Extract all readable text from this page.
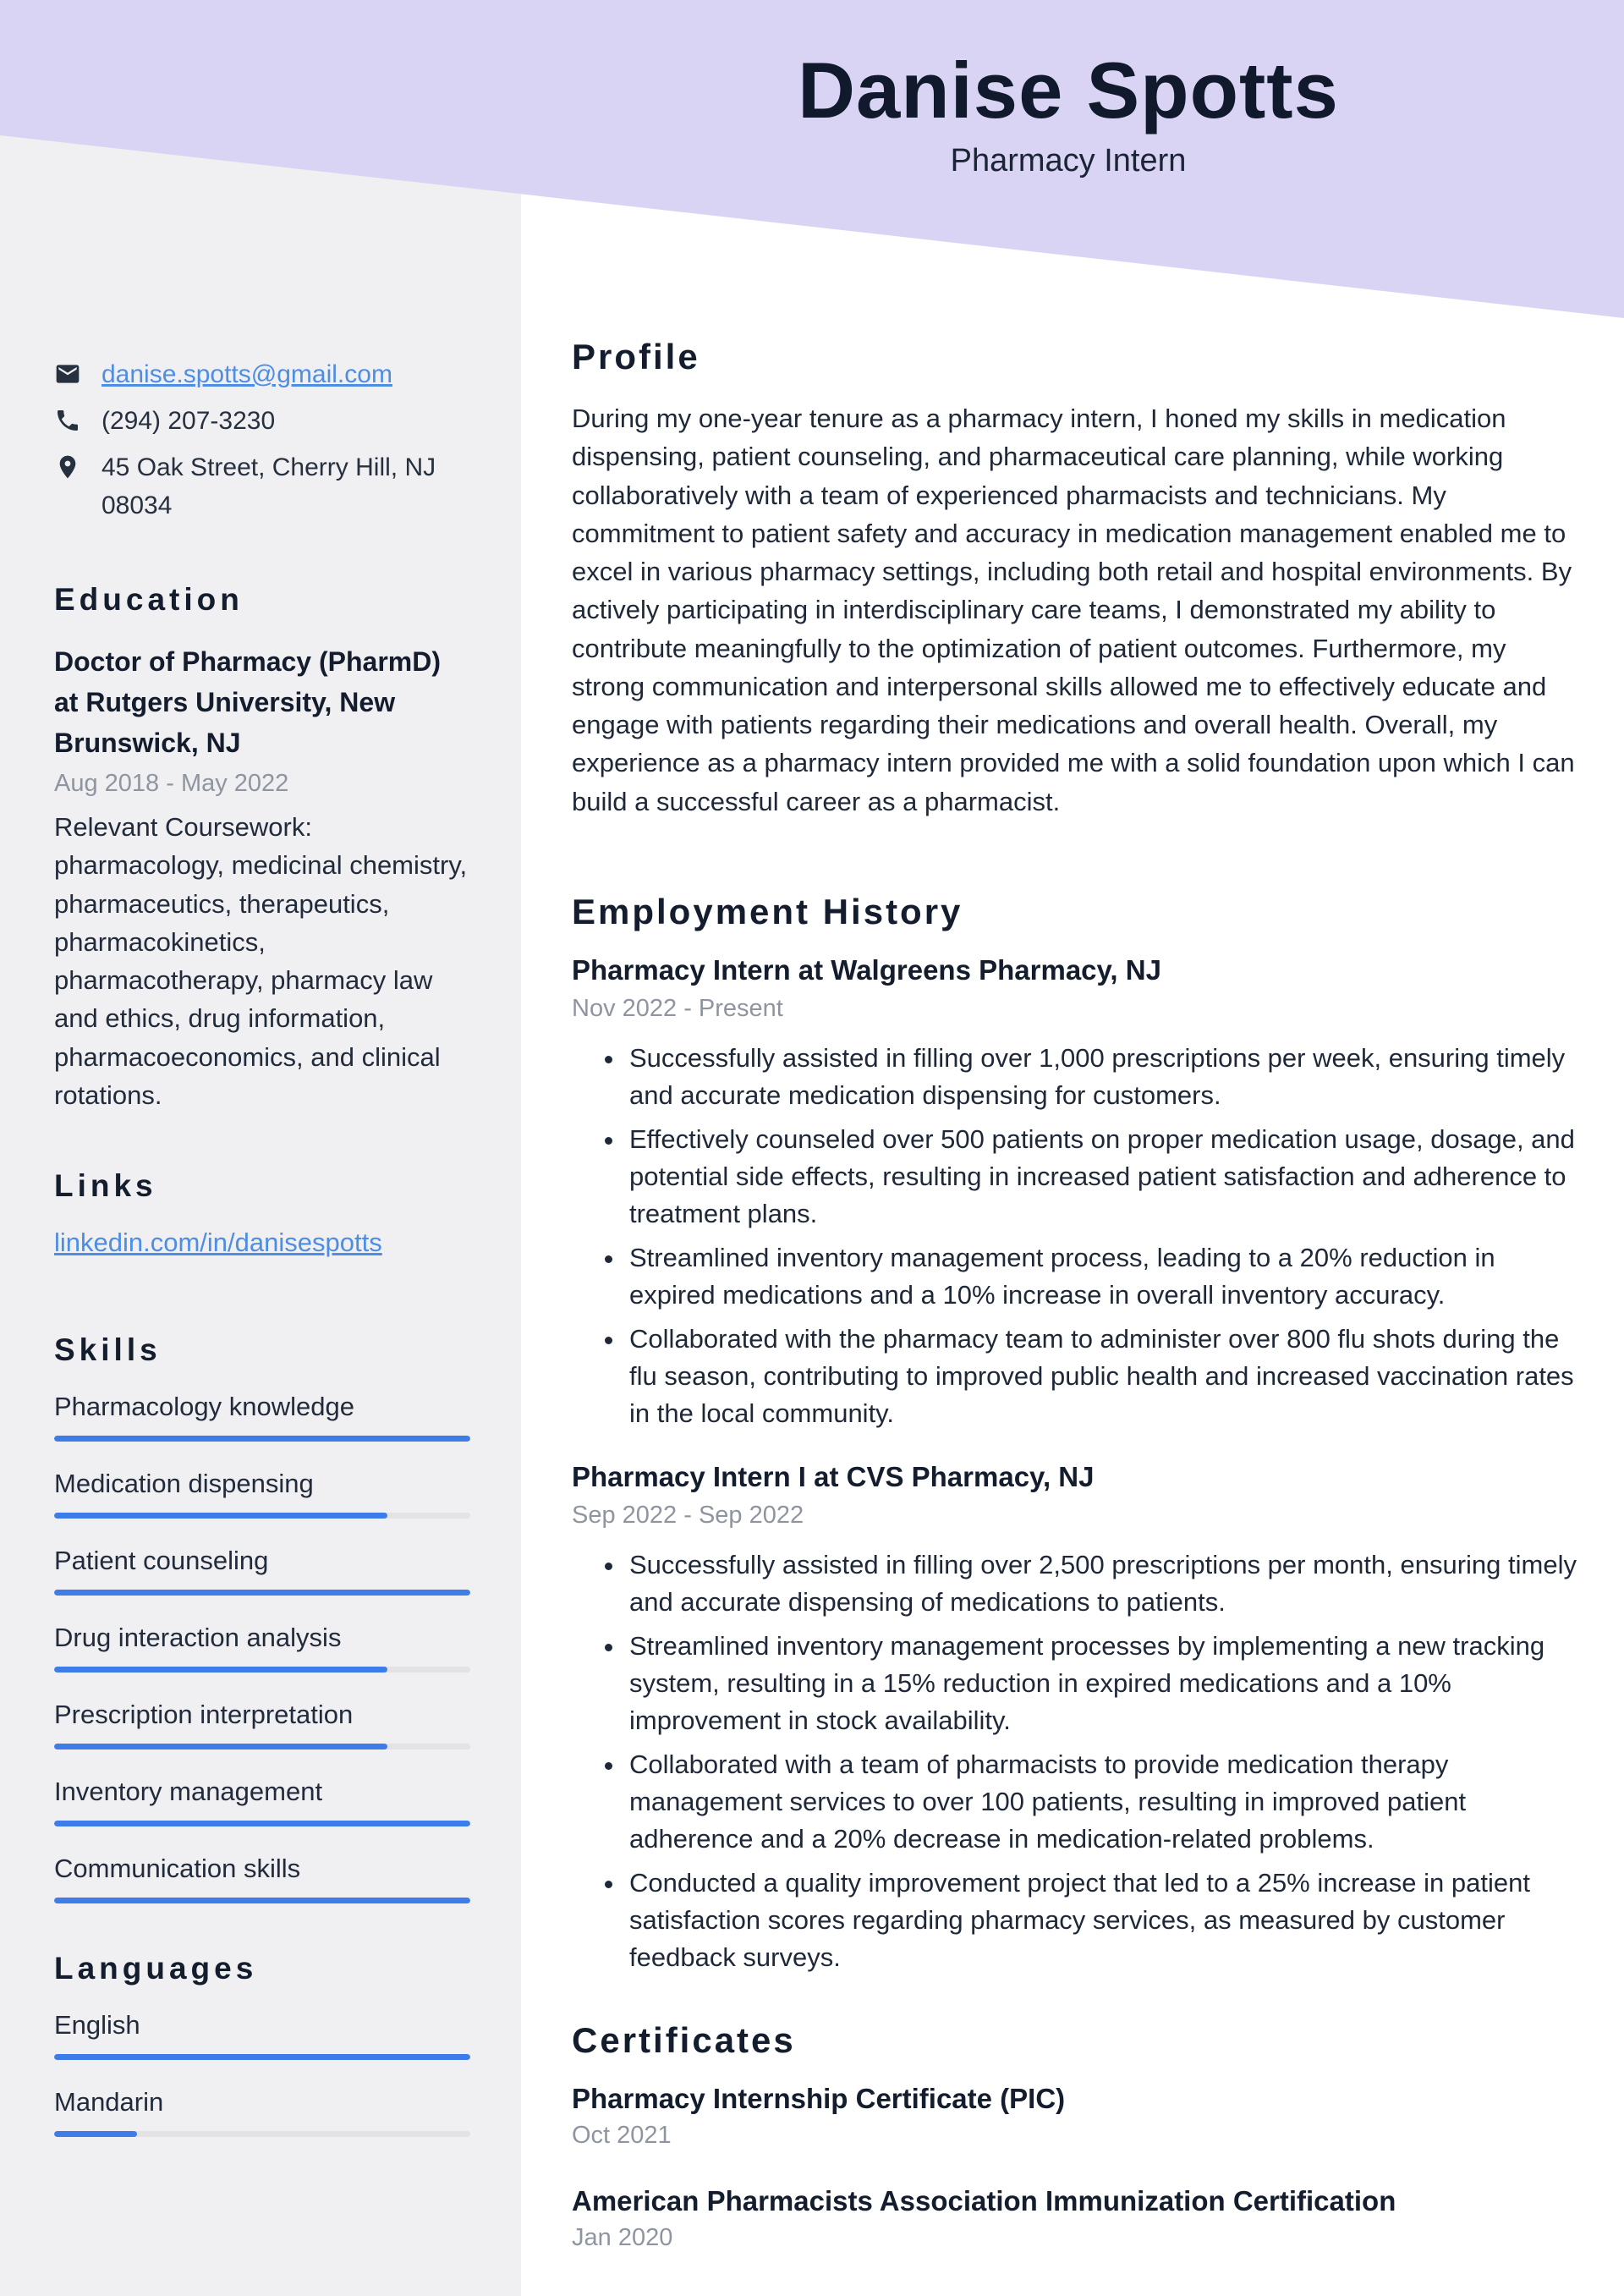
danise.spotts@gmail.com
(294) 207-3230
45 Oak Street, Cherry Hill, NJ 08034
Education

Doctor of Pharmacy (PharmD) at Rutgers University, New Brunswick, NJ

Aug 2018 - May 2022

Relevant Coursework: pharmacology, medicinal chemistry, pharmaceutics, therapeutics, pharmacokinetics, pharmacotherapy, pharmacy law and ethics, drug information, pharmacoeconomics, and clinical rotations.

Links
linkedin.com/in/danisespotts
Skills
Pharmacology knowledge
Medication dispensing
Patient counseling
Drug interaction analysis
Prescription interpretation
Inventory management
Communication skills
Languages
English
Mandarin
Danise Spotts
Pharmacy Intern
Profile

During my one-year tenure as a pharmacy intern, I honed my skills in medication dispensing, patient counseling, and pharmaceutical care planning, while working collaboratively with a team of experienced pharmacists and technicians. My commitment to patient safety and accuracy in medication management enabled me to excel in various pharmacy settings, including both retail and hospital environments. By actively participating in interdisciplinary care teams, I demonstrated my ability to contribute meaningfully to the optimization of patient outcomes. Furthermore, my strong communication and interpersonal skills allowed me to effectively educate and engage with patients regarding their medications and overall health. Overall, my experience as a pharmacy intern provided me with a solid foundation upon which I can build a successful career as a pharmacist.

Employment History
Pharmacy Intern at Walgreens Pharmacy, NJ

Nov 2022 - Present

• Successfully assisted in filling over 1,000 prescriptions per week, ensuring timely and accurate medication dispensing for customers.
• Effectively counseled over 500 patients on proper medication usage, dosage, and potential side effects, resulting in increased patient satisfaction and adherence to treatment plans.
• Streamlined inventory management process, leading to a 20% reduction in expired medications and a 10% increase in overall inventory accuracy.
• Collaborated with the pharmacy team to administer over 800 flu shots during the flu season, contributing to improved public health and increased vaccination rates in the local community.
Pharmacy Intern I at CVS Pharmacy, NJ

Sep 2022 - Sep 2022

• Successfully assisted in filling over 2,500 prescriptions per month, ensuring timely and accurate dispensing of medications to patients.
• Streamlined inventory management processes by implementing a new tracking system, resulting in a 15% reduction in expired medications and a 10% improvement in stock availability.
• Collaborated with a team of pharmacists to provide medication therapy management services to over 100 patients, resulting in improved patient adherence and a 20% decrease in medication-related problems.
• Conducted a quality improvement project that led to a 25% increase in patient satisfaction scores regarding pharmacy services, as measured by customer feedback surveys.
Certificates
Pharmacy Internship Certificate (PIC)

Oct 2021

American Pharmacists Association Immunization Certification

Jan 2020
